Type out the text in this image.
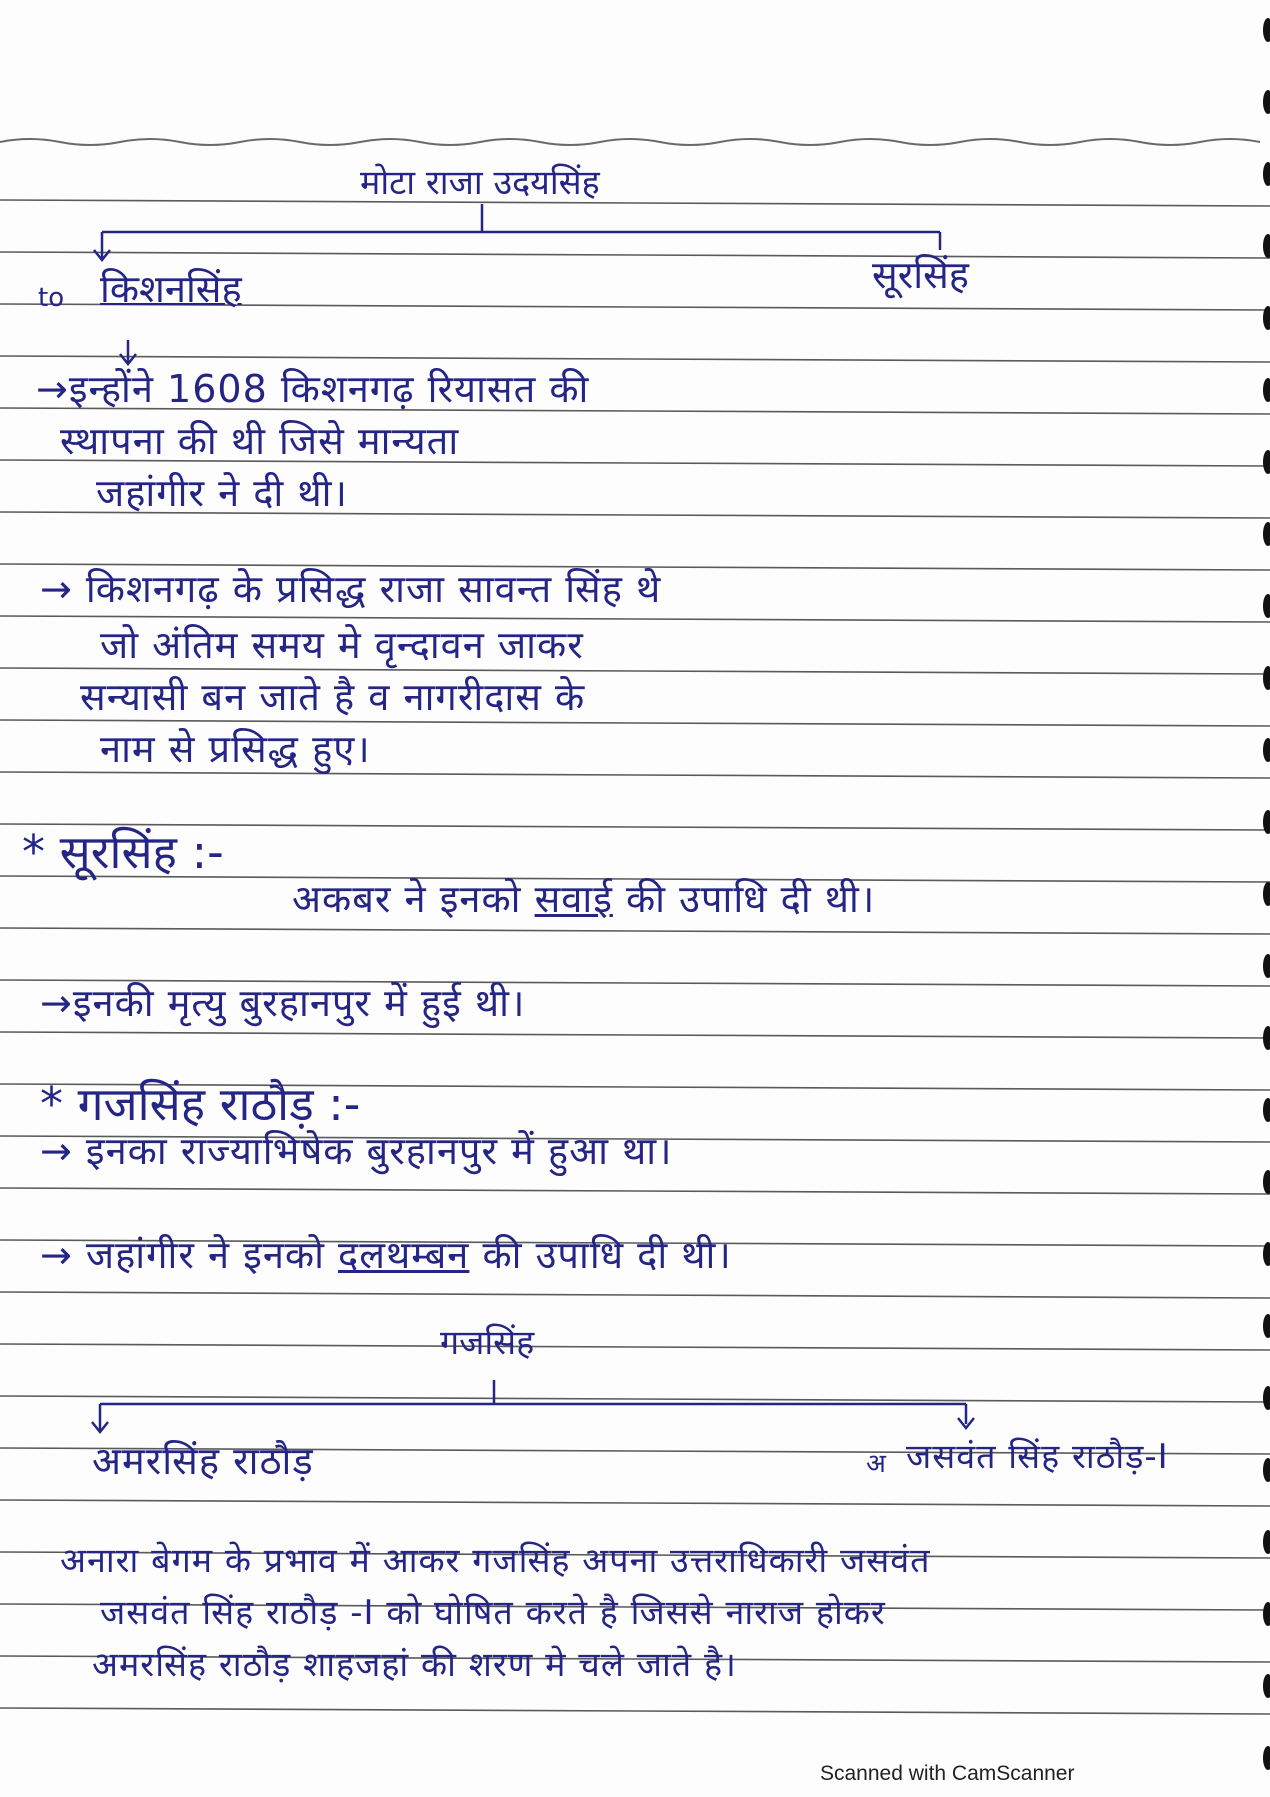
मोटा राजा उदयसिंह
to किशनसिंह	सूरसिंह
→इन्होंने 1608 किशनगढ़ रियासत की
स्थापना की थी जिसे मान्यता
जहांगीर ने दी थी।
→ किशनगढ़ के प्रसिद्ध राजा सावन्त सिंह थे
जो अंतिम समय मे वृन्दावन जाकर
सन्यासी बन जाते है व नागरीदास के
नाम से प्रसिद्ध हुए।
* सूरसिंह :-
अकबर ने इनको सवाई की उपाधि दी थी।
→इनकी मृत्यु बुरहानपुर में हुई थी।
* गजसिंह राठौड़ :-
→ इनका राज्याभिषेक बुरहानपुर में हुआ था।
→ जहांगीर ने इनको दलथम्बन की उपाधि दी थी।
गजसिंह
अमरसिंह राठौड़	अ जसवंत सिंह राठौड़-I
अनारा बेगम के प्रभाव में आकर गजसिंह अपना उत्तराधिकारी जसवंत
जसवंत सिंह राठौड़ -I को घोषित करते है जिससे नाराज होकर
अमरसिंह राठौड़ शाहजहां की शरण मे चले जाते है।
Scanned with CamScanner
